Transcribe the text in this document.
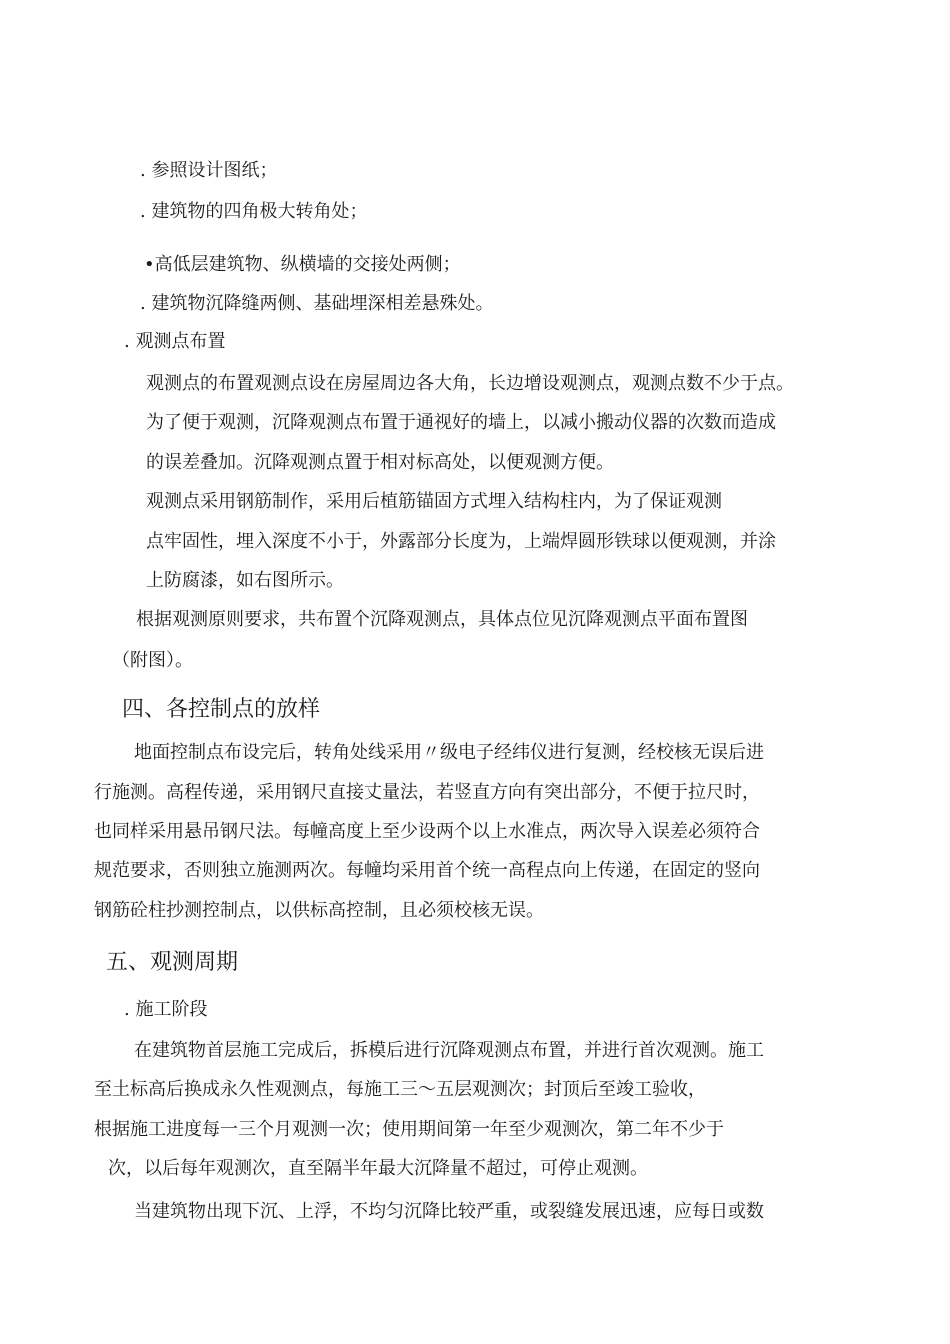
. 参照设计图纸；
. 建筑物的四角极大转角处；
•高低层建筑物、纵横墙的交接处两侧；
. 建筑物沉降缝两侧、基础埋深相差悬殊处。
. 观测点布置
观测点的布置观测点设在房屋周边各大角，长边增设观测点，观测点数不少于点。
为了便于观测，沉降观测点布置于通视好的墙上，以减小搬动仪器的次数而造成
的误差叠加。沉降观测点置于相对标高处，以便观测方便。
观测点采用钢筋制作，采用后植筋锚固方式埋入结构柱内，为了保证观测
点牢固性，埋入深度不小于，外露部分长度为，上端焊圆形铁球以便观测，并涂
上防腐漆，如右图所示。
根据观测原则要求，共布置个沉降观测点，具体点位见沉降观测点平面布置图
（附图）。
四、各控制点的放样
地面控制点布设完后，转角处线采用〃级电子经纬仪进行复测，经校核无误后进
行施测。高程传递，采用钢尺直接丈量法，若竖直方向有突出部分，不便于拉尺时，
也同样采用悬吊钢尺法。每幢高度上至少设两个以上水准点，两次导入误差必须符合
规范要求，否则独立施测两次。每幢均采用首个统一高程点向上传递，在固定的竖向
钢筋砼柱抄测控制点，以供标高控制，且必须校核无误。
五、观测周期
. 施工阶段
在建筑物首层施工完成后，拆模后进行沉降观测点布置，并进行首次观测。施工
至土标高后换成永久性观测点，每施工三〜五层观测次；封顶后至竣工验收，
根据施工进度每一三个月观测一次；使用期间第一年至少观测次，第二年不少于
次，以后每年观测次，直至隔半年最大沉降量不超过，可停止观测。
当建筑物出现下沉、上浮，不均匀沉降比较严重，或裂缝发展迅速，应每日或数
